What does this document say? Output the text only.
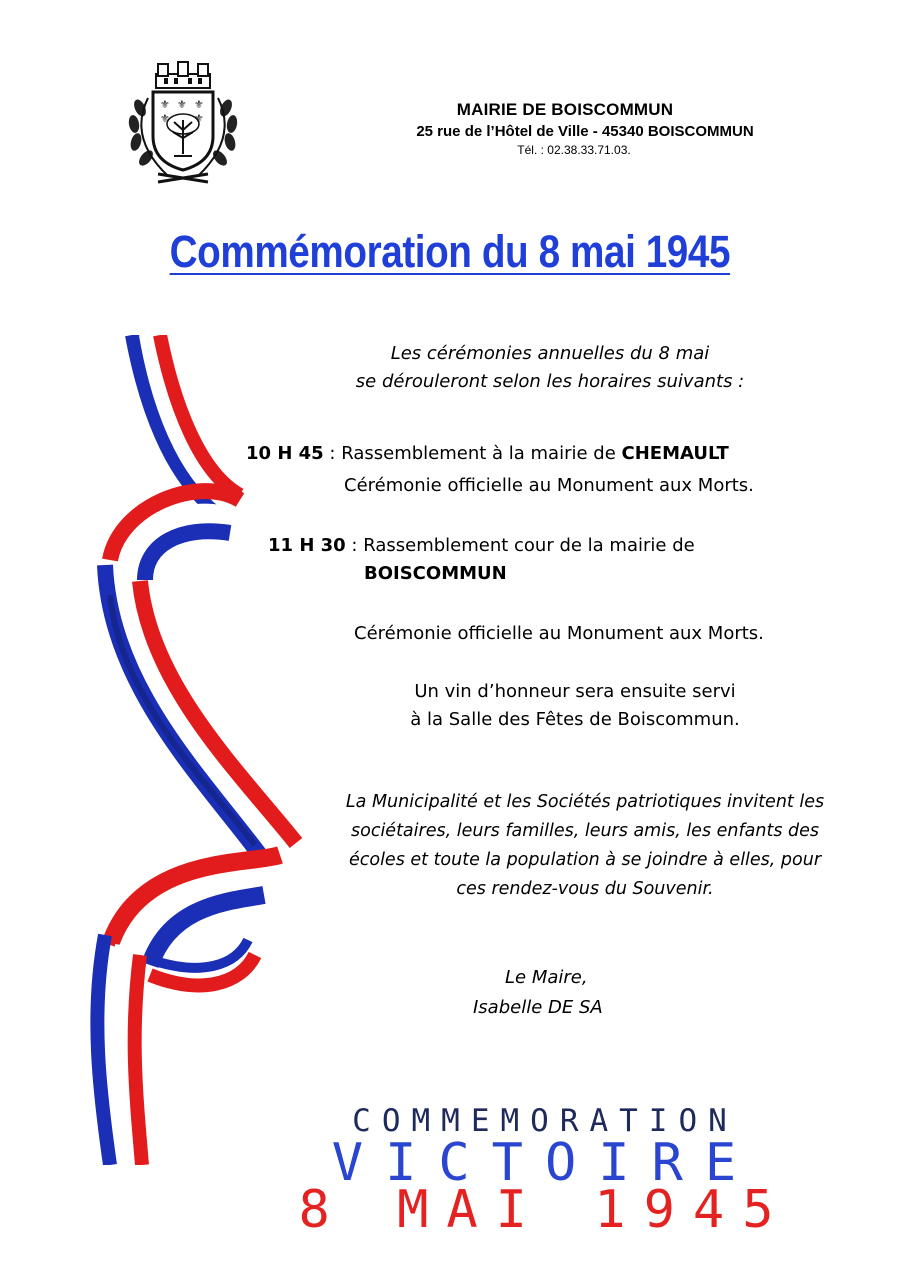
⚜ ⚜ ⚜
⚜ ⚜	MAIRIE DE BOISCOMMUN
25 rue de l’Hôtel de Ville - 45340 BOISCOMMUN
Tél. : 02.38.33.71.03.
Commémoration du 8 mai 1945
Les cérémonies annuelles du 8 mai
se dérouleront selon les horaires suivants :
10 H 45 : Rassemblement à la mairie de CHEMAULT
Cérémonie officielle au Monument aux Morts.
11 H 30 : Rassemblement cour de la mairie de
BOISCOMMUN
Cérémonie officielle au Monument aux Morts.
Un vin d’honneur sera ensuite servi
à la Salle des Fêtes de Boiscommun.
La Municipalité et les Sociétés patriotiques invitent les
sociétaires, leurs familles, leurs amis, les enfants des
écoles et toute la population à se joindre à elles, pour
ces rendez-vous du Souvenir.
Le Maire,
Isabelle DE SA
COMMEMORATION
VICTOIRE
8 MAI 1945
